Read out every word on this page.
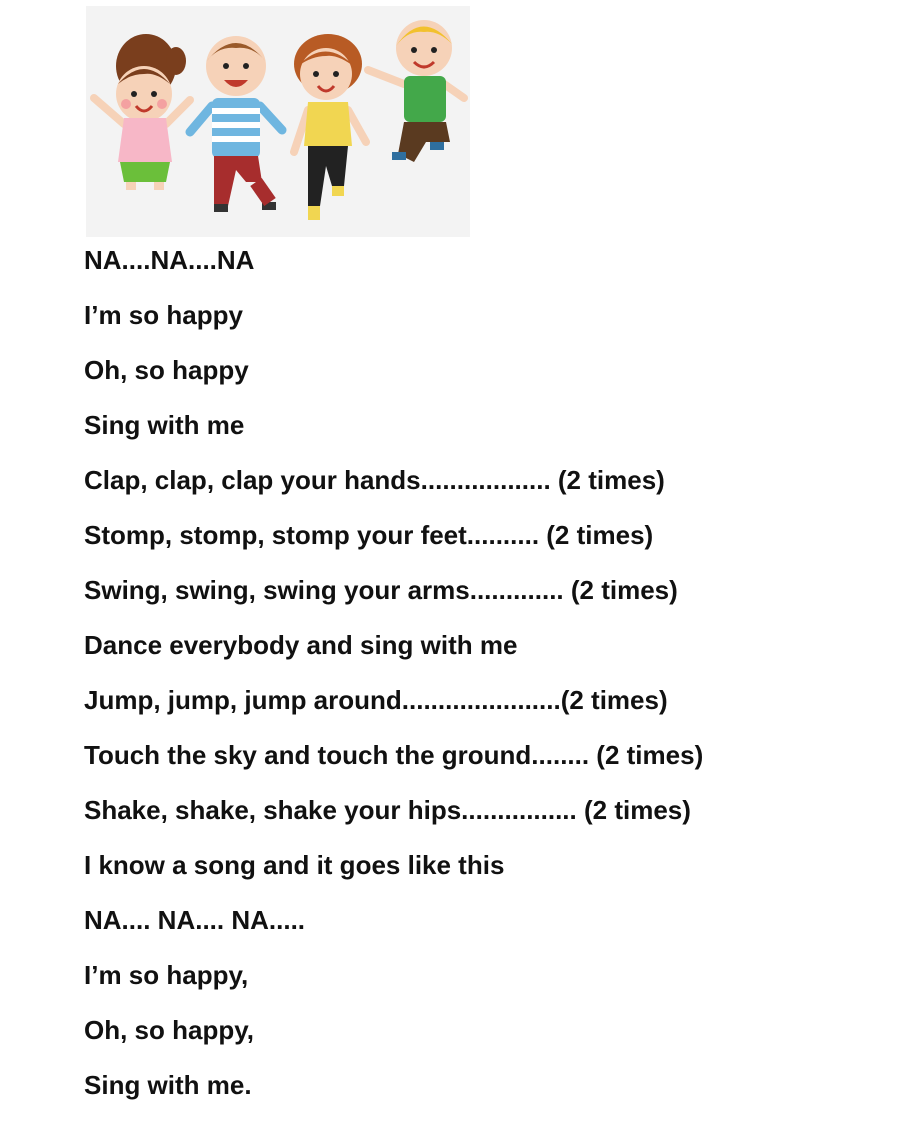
NA....NA....NA
I’m so happy
Oh, so happy
Sing with me
Clap, clap, clap your hands.................. (2 times)
Stomp, stomp, stomp your feet.......... (2 times)
Swing, swing, swing your arms............. (2 times)
Dance everybody and sing with me
Jump, jump, jump around......................(2 times)
Touch the sky and touch the ground........ (2 times)
Shake, shake, shake your hips................ (2 times)
I know a song and it goes like this
NA.... NA.... NA.....
I’m so happy,
Oh, so happy,
Sing with me.
